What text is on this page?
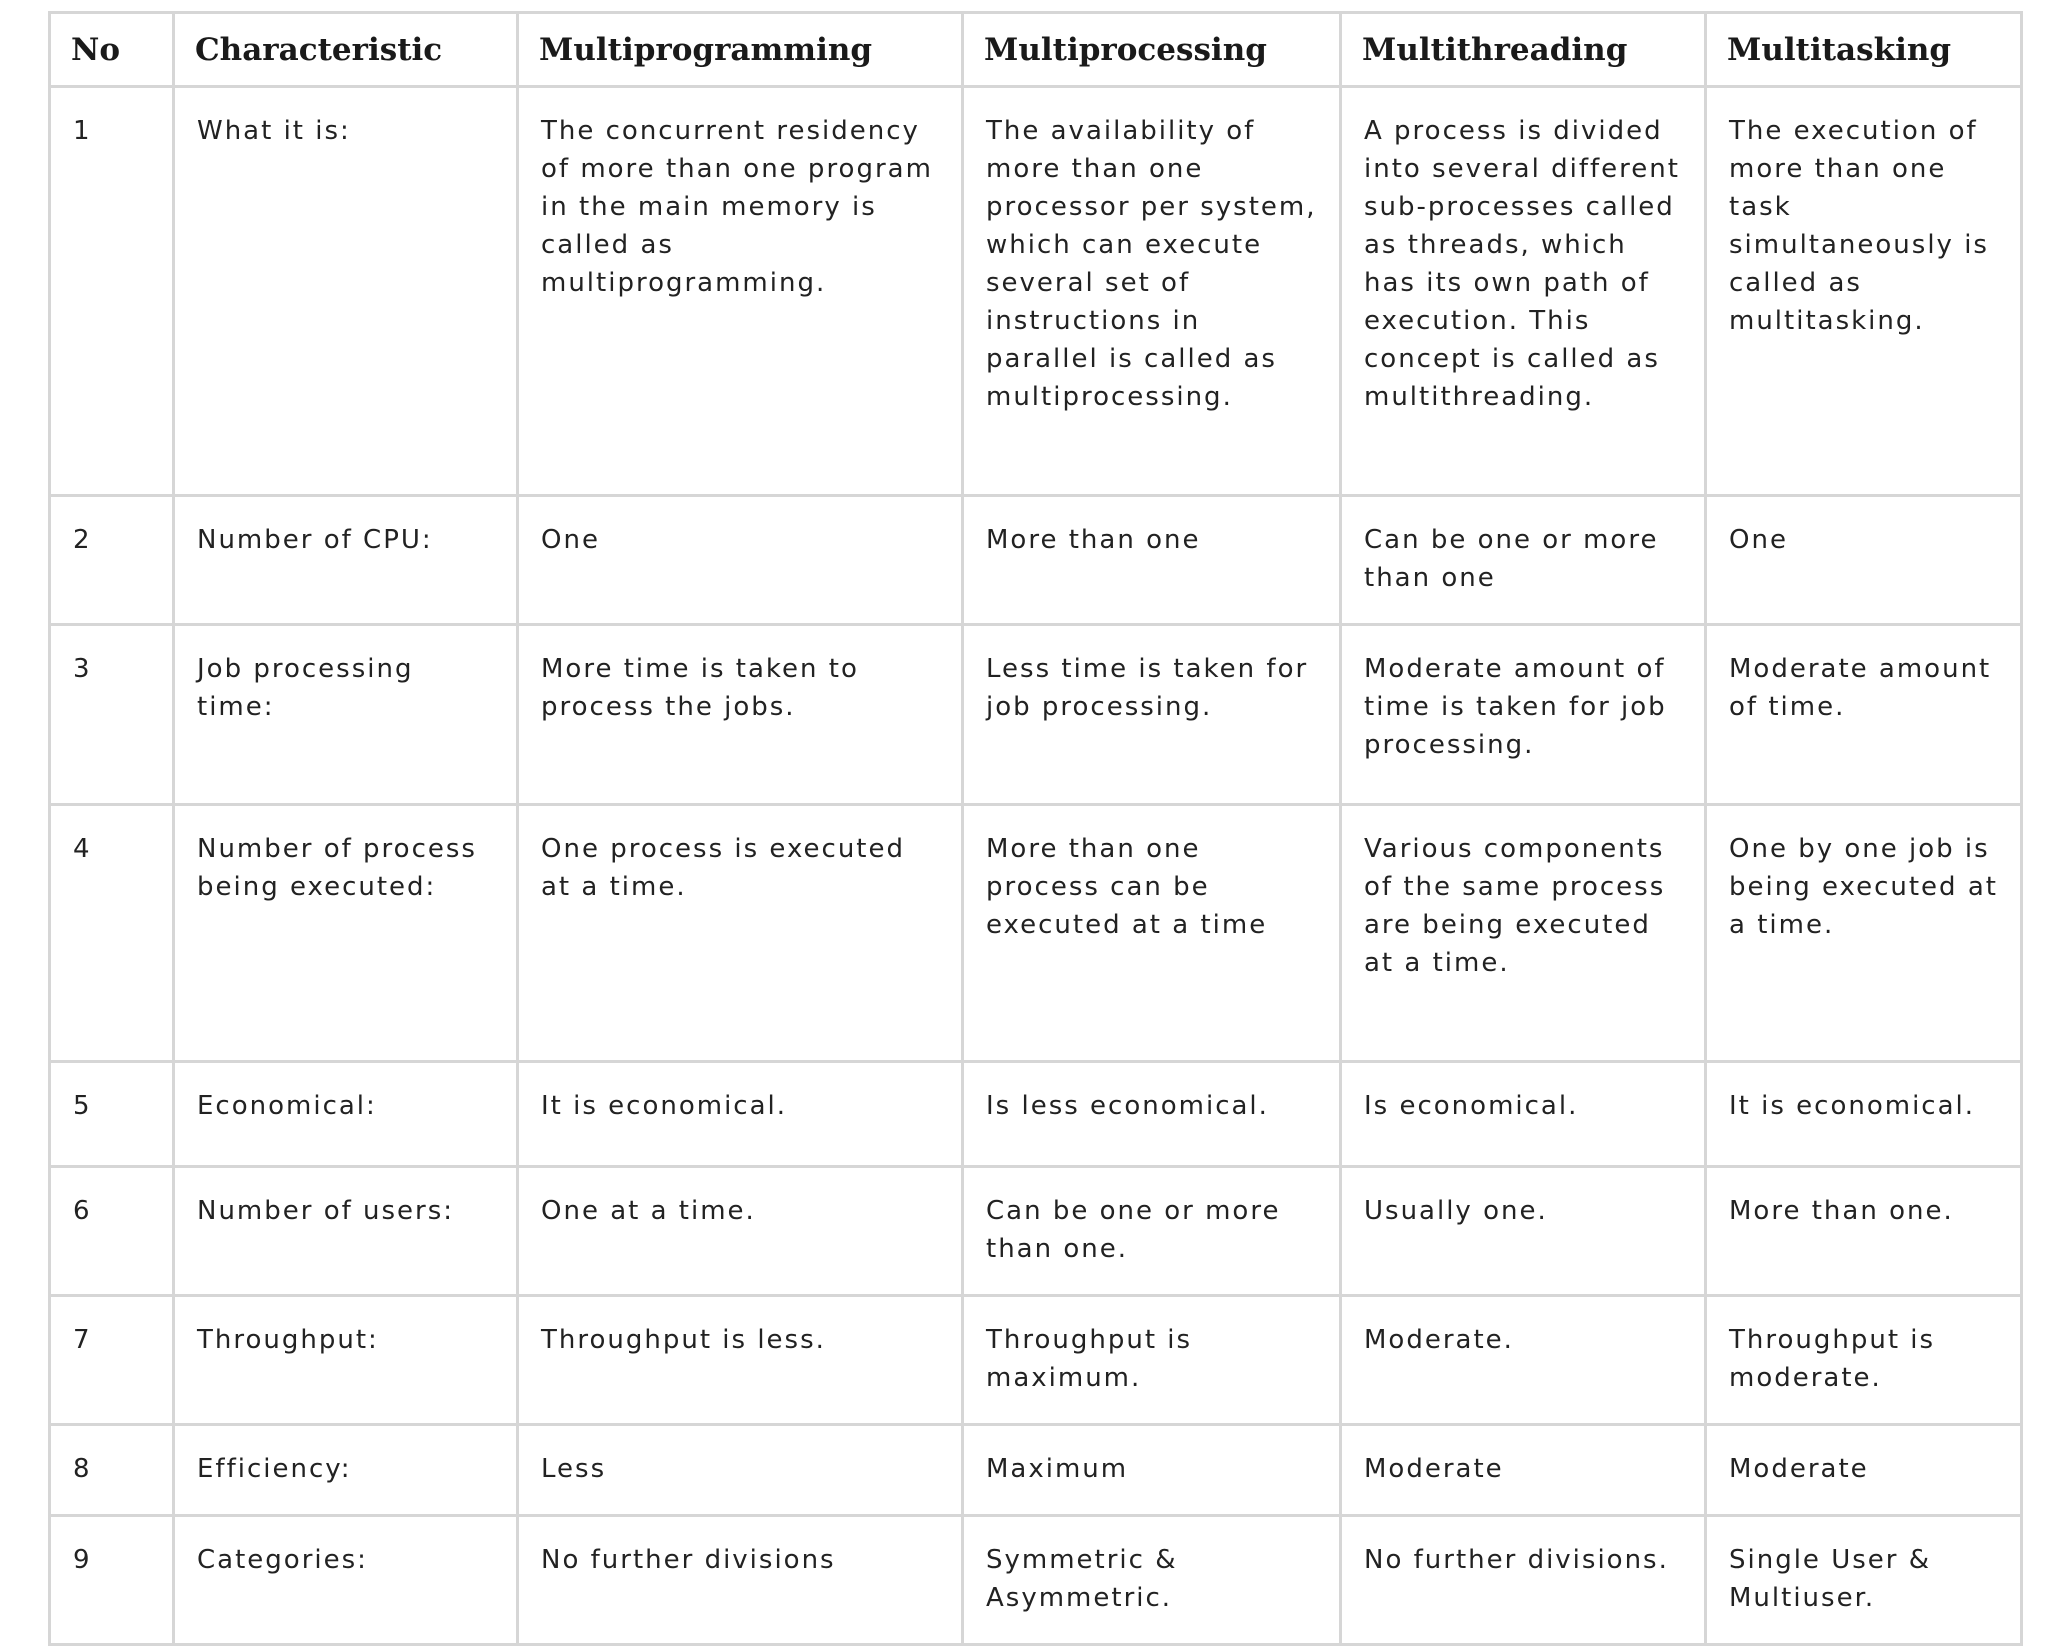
No	Characteristic	Multiprogramming	Multiprocessing	Multithreading	Multitasking
1	What it is:	The concurrent residency of more than one program in the main memory is called as multiprogramming.	The availability of more than one processor per system, which can execute several set of instructions in parallel is called as multiprocessing.	A process is divided into several different sub-processes called as threads, which has its own path of execution. This concept is called as multithreading.	The execution of more than one task simultaneously is called as multitasking.
2	Number of CPU:	One	More than one	Can be one or more than one	One
3	Job processing time:	More time is taken to process the jobs.	Less time is taken for job processing.	Moderate amount of time is taken for job processing.	Moderate amount of time.
4	Number of process being executed:	One process is executed at a time.	More than one process can be executed at a time	Various components of the same process are being executed at a time.	One by one job is being executed at a time.
5	Economical:	It is economical.	Is less economical.	Is economical.	It is economical.
6	Number of users:	One at a time.	Can be one or more than one.	Usually one.	More than one.
7	Throughput:	Throughput is less.	Throughput is maximum.	Moderate.	Throughput is moderate.
8	Efficiency:	Less	Maximum	Moderate	Moderate
9	Categories:	No further divisions	Symmetric & Asymmetric.	No further divisions.	Single User & Multiuser.
